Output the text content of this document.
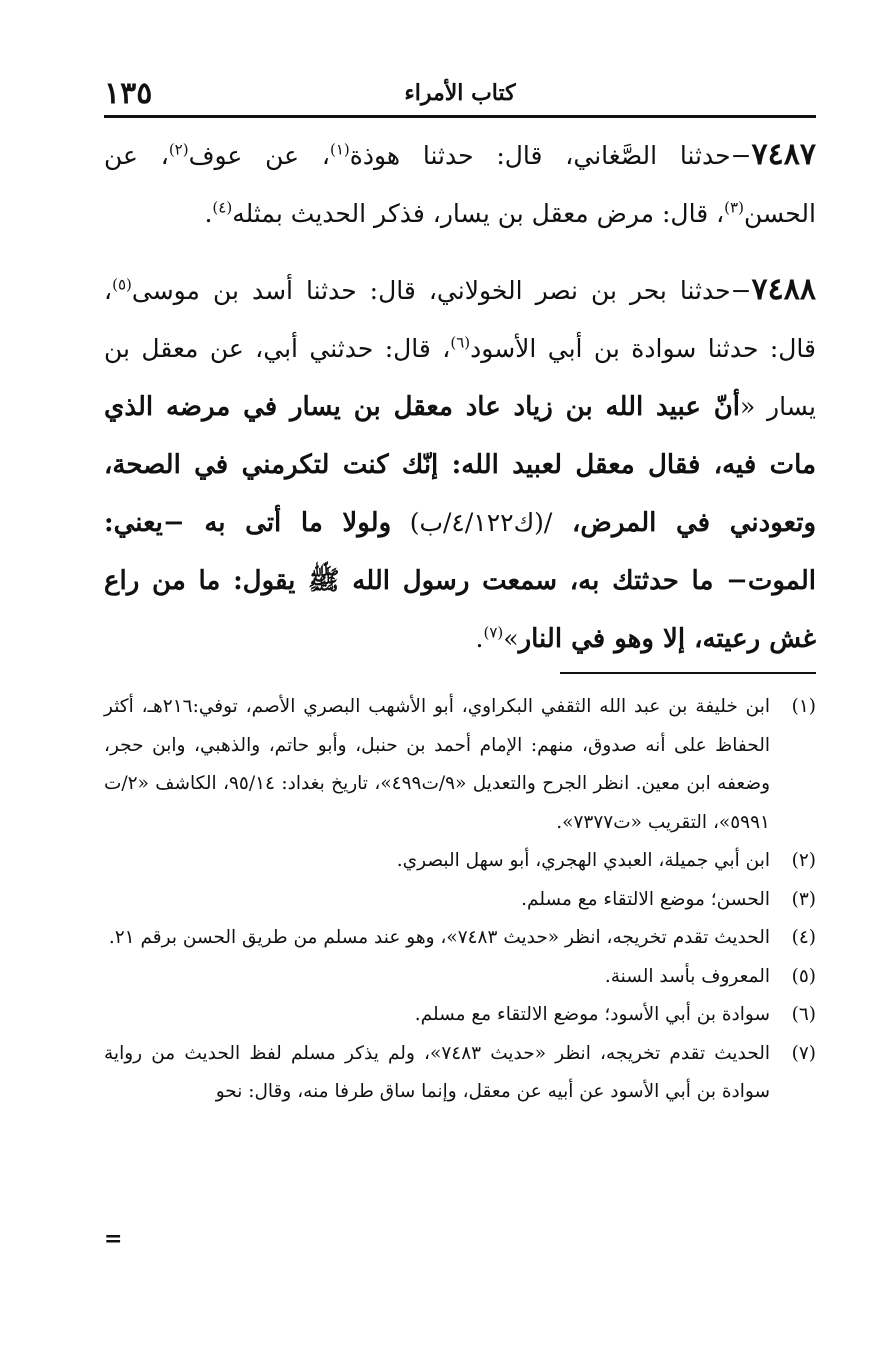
١٣٥	كتاب الأمراء

٧٤٨٧−حدثنا الصَّغاني، قال: حدثنا هوذة$^{(١)}$، عن عوف$^{(٢)}$، عن الحسن$^{(٣)}$، قال: مرض معقل بن يسار، فذكر الحديث بمثله$^{(٤)}$.

٧٤٨٨−حدثنا بحر بن نصر الخولاني، قال: حدثنا أسد بن موسى$^{(٥)}$، قال: حدثنا سوادة بن أبي الأسود$^{(٦)}$، قال: حدثني أبي، عن معقل بن يسار «أنّ عبيد الله بن زياد عاد معقل بن يسار في مرضه الذي مات فيه، فقال معقل لعبيد الله: إنّك كنت لتكرمني في الصحة، وتعودني في المرض، /(ك٤/١٢٢/ب) ولولا ما أتى به −يعني: الموت− ما حدثتك به، سمعت رسول الله ﷺ يقول: ما من راع غش رعيته، إلا وهو في النار»$^{(٧)}$.

(١)
ابن خليفة بن عبد الله الثقفي البكراوي، أبو الأشهب البصري الأصم، توفي:٢١٦هـ، أكثر الحفاظ على أنه صدوق، منهم: الإمام أحمد بن حنبل، وأبو حاتم، والذهبي، وابن حجر، وضعفه ابن معين. انظر الجرح والتعديل «٩/ت٤٩٩»، تاريخ بغداد: ٩٥/١٤، الكاشف «٢/ت ٥٩٩١»، التقريب «ت٧٣٧٧».
(٢)
ابن أبي جميلة، العبدي الهجري، أبو سهل البصري.
(٣)
الحسن؛ موضع الالتقاء مع مسلم.
(٤)
الحديث تقدم تخريجه، انظر «حديث ٧٤٨٣»، وهو عند مسلم من طريق الحسن برقم ٢١.
(٥)
المعروف بأسد السنة.
(٦)
سوادة بن أبي الأسود؛ موضع الالتقاء مع مسلم.
(٧)
الحديث تقدم تخريجه، انظر «حديث ٧٤٨٣»، ولم يذكر مسلم لفظ الحديث من رواية سوادة بن أبي الأسود عن أبيه عن معقل، وإنما ساق طرفا منه، وقال: نحو
=
